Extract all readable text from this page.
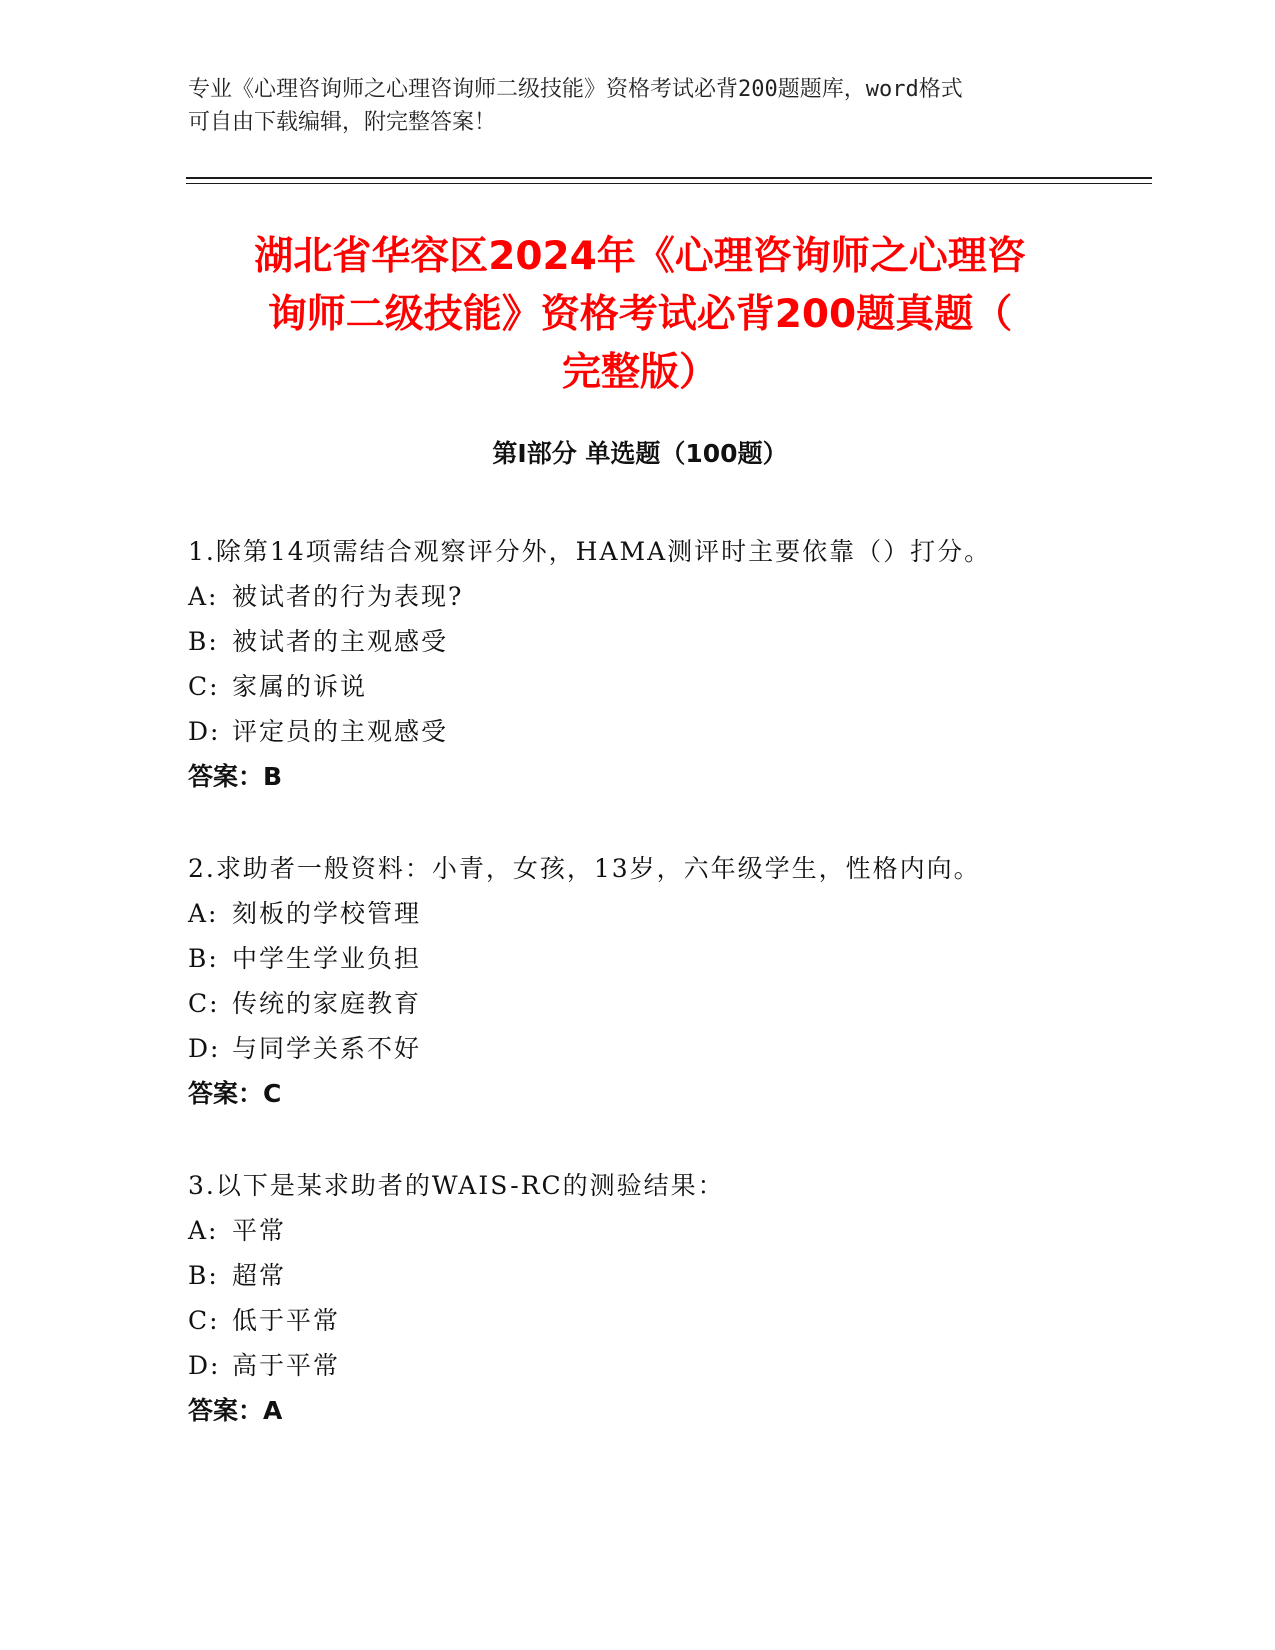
专业《心理咨询师之心理咨询师二级技能》资格考试必背200题题库，word格式
可自由下载编辑，附完整答案！
湖北省华容区2024年《心理咨询师之心理咨
询师二级技能》资格考试必背200题真题（
完整版）
第Ⅰ部分 单选题（100题）
1.除第14项需结合观察评分外，HAMA测评时主要依靠（）打分。
A: 被试者的行为表现?
B: 被试者的主观感受
C: 家属的诉说
D: 评定员的主观感受
答案：B
2.求助者一般资料：小青，女孩，13岁，六年级学生，性格内向。
A: 刻板的学校管理
B: 中学生学业负担
C: 传统的家庭教育
D: 与同学关系不好
答案：C
3.以下是某求助者的WAIS-RC的测验结果：
A: 平常
B: 超常
C: 低于平常
D: 高于平常
答案：A
